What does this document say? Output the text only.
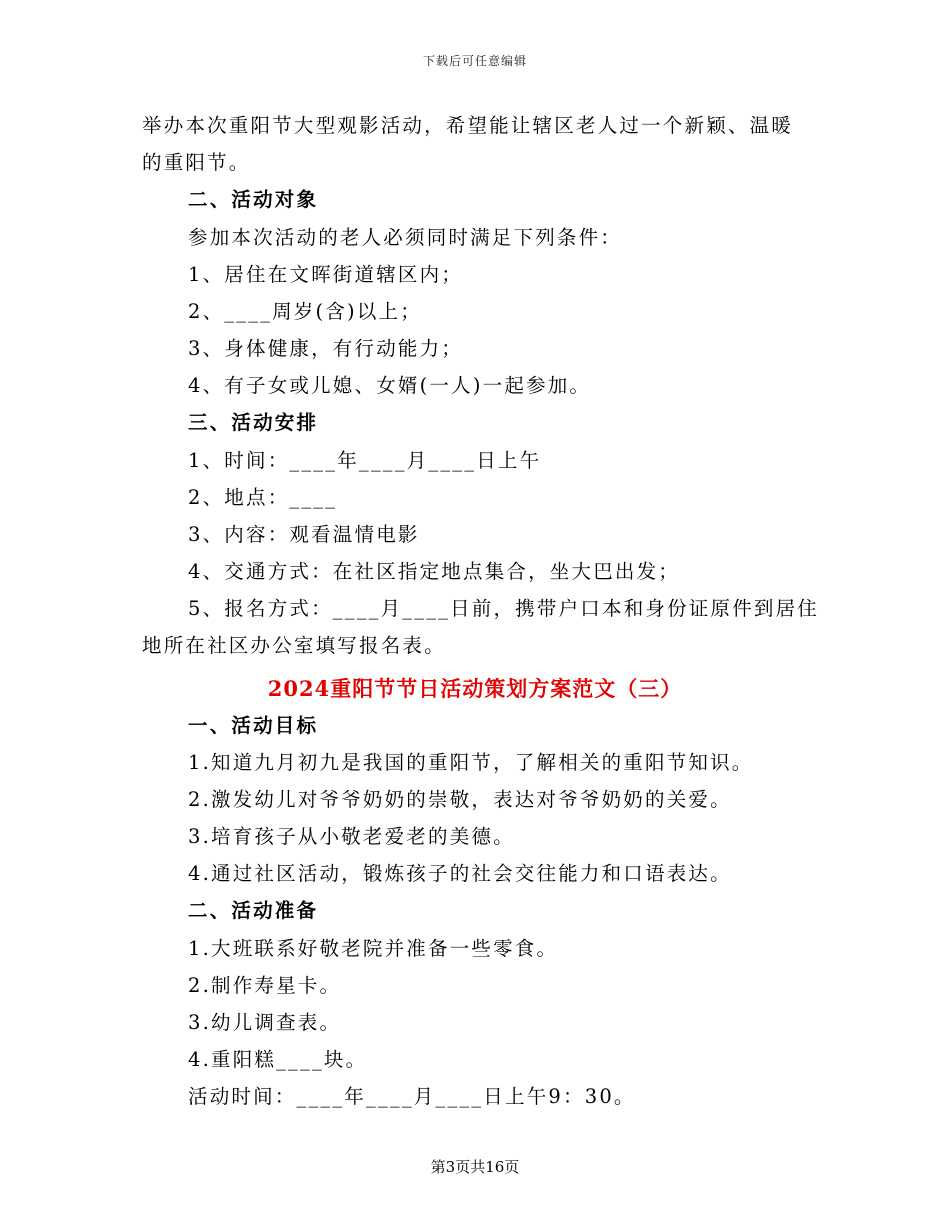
下载后可任意编辑
举办本次重阳节大型观影活动，希望能让辖区老人过一个新颖、温暖
的重阳节。
二、活动对象
参加本次活动的老人必须同时满足下列条件：
1、居住在文晖街道辖区内；
2、____周岁(含)以上；
3、身体健康，有行动能力；
4、有子女或儿媳、女婿(一人)一起参加。
三、活动安排
1、时间：____年____月____日上午
2、地点：____
3、内容：观看温情电影
4、交通方式：在社区指定地点集合，坐大巴出发；
5、报名方式：____月____日前，携带户口本和身份证原件到居住
地所在社区办公室填写报名表。
2024重阳节节日活动策划方案范文（三）
一、活动目标
1.知道九月初九是我国的重阳节，了解相关的重阳节知识。
2.激发幼儿对爷爷奶奶的崇敬，表达对爷爷奶奶的关爱。
3.培育孩子从小敬老爱老的美德。
4.通过社区活动，锻炼孩子的社会交往能力和口语表达。
二、活动准备
1.大班联系好敬老院并准备一些零食。
2.制作寿星卡。
3.幼儿调查表。
4.重阳糕____块。
活动时间：____年____月____日上午9：30。
第3页共16页
